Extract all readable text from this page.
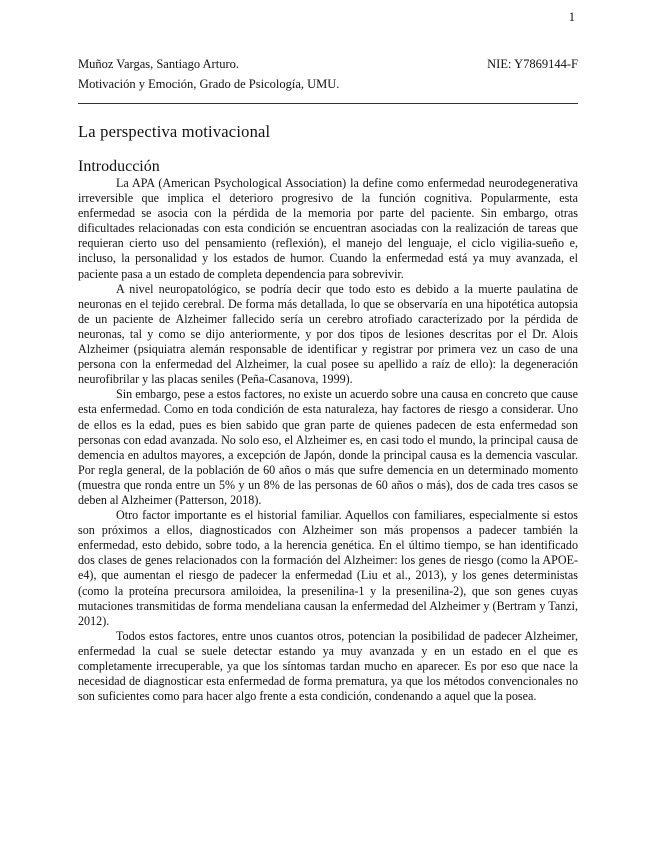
1
Muñoz Vargas, Santiago Arturo.	NIE: Y7869144-F
Motivación y Emoción, Grado de Psicología, UMU.
La perspectiva motivacional
Introducción

La APA (American Psychological Association) la define como enfermedad neurodegenerativa irreversible que implica el deterioro progresivo de la función cognitiva. Popularmente, esta enfermedad se asocia con la pérdida de la memoria por parte del paciente. Sin embargo, otras dificultades relacionadas con esta condición se encuentran asociadas con la realización de tareas que requieran cierto uso del pensamiento (reflexión), el manejo del lenguaje, el ciclo vigilia-sueño e, incluso, la personalidad y los estados de humor. Cuando la enfermedad está ya muy avanzada, el paciente pasa a un estado de completa dependencia para sobrevivir.

A nivel neuropatológico, se podría decir que todo esto es debido a la muerte paulatina de neuronas en el tejido cerebral. De forma más detallada, lo que se observaría en una hipotética autopsia de un paciente de Alzheimer fallecido sería un cerebro atrofiado caracterizado por la pérdida de neuronas, tal y como se dijo anteriormente, y por dos tipos de lesiones descritas por el Dr. Alois Alzheimer (psiquiatra alemán responsable de identificar y registrar por primera vez un caso de una persona con la enfermedad del Alzheimer, la cual posee su apellido a raíz de ello): la degeneración neurofibrilar y las placas seniles (Peña-Casanova, 1999).

Sin embargo, pese a estos factores, no existe un acuerdo sobre una causa en concreto que cause esta enfermedad. Como en toda condición de esta naturaleza, hay factores de riesgo a considerar. Uno de ellos es la edad, pues es bien sabido que gran parte de quienes padecen de esta enfermedad son personas con edad avanzada. No solo eso, el Alzheimer es, en casi todo el mundo, la principal causa de demencia en adultos mayores, a excepción de Japón, donde la principal causa es la demencia vascular. Por regla general, de la población de 60 años o más que sufre demencia en un determinado momento (muestra que ronda entre un 5% y un 8% de las personas de 60 años o más), dos de cada tres casos se deben al Alzheimer (Patterson, 2018).

Otro factor importante es el historial familiar. Aquellos con familiares, especialmente si estos son próximos a ellos, diagnosticados con Alzheimer son más propensos a padecer también la enfermedad, esto debido, sobre todo, a la herencia genética. En el último tiempo, se han identificado dos clases de genes relacionados con la formación del Alzheimer: los genes de riesgo (como la APOE-e4), que aumentan el riesgo de padecer la enfermedad (Liu et al., 2013), y los genes deterministas (como la proteína precursora amiloidea, la presenilina-1 y la presenilina-2), que son genes cuyas mutaciones transmitidas de forma mendeliana causan la enfermedad del Alzheimer y (Bertram y Tanzi, 2012).

Todos estos factores, entre unos cuantos otros, potencian la posibilidad de padecer Alzheimer, enfermedad la cual se suele detectar estando ya muy avanzada y en un estado en el que es completamente irrecuperable, ya que los síntomas tardan mucho en aparecer. Es por eso que nace la necesidad de diagnosticar esta enfermedad de forma prematura, ya que los métodos convencionales no son suficientes como para hacer algo frente a esta condición, condenando a aquel que la posea.
